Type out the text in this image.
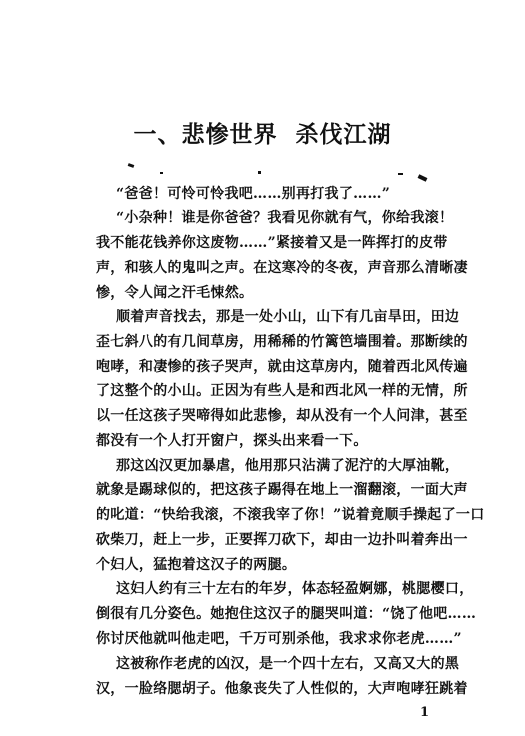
一、悲惨世界  杀伐江湖
“爸爸！可怜可怜我吧……别再打我了……”
“小杂种！谁是你爸爸？我看见你就有气，你给我滚！
我不能花钱养你这废物……”紧接着又是一阵挥打的皮带
声，和骇人的鬼叫之声。在这寒冷的冬夜，声音那么清晰凄
惨，令人闻之汗毛悚然。
顺着声音找去，那是一处小山，山下有几亩旱田，田边
歪七斜八的有几间草房，用稀稀的竹篱笆墙围着。那断续的
咆哮，和凄惨的孩子哭声，就由这草房内，随着西北风传遍
了这整个的小山。正因为有些人是和西北风一样的无情，所
以一任这孩子哭啼得如此悲惨，却从没有一个人问津，甚至
都没有一个人打开窗户，探头出来看一下。
那这凶汉更加暴虐，他用那只沾满了泥泞的大厚油靴，
就象是踢球似的，把这孩子踢得在地上一溜翻滚，一面大声
的叱道：“快给我滚，不滚我宰了你！”说着竟顺手操起了一口
砍柴刀，赶上一步，正要挥刀砍下，却由一边扑叫着奔出一
个妇人，猛抱着这汉子的两腿。
这妇人约有三十左右的年岁，体态轻盈婀娜，桃腮樱口，
倒很有几分姿色。她抱住这汉子的腿哭叫道：“饶了他吧……
你讨厌他就叫他走吧，千万可别杀他，我求求你老虎……”
这被称作老虎的凶汉，是一个四十左右，又高又大的黑
汉，一脸络腮胡子。他象丧失了人性似的，大声咆哮狂跳着
1
